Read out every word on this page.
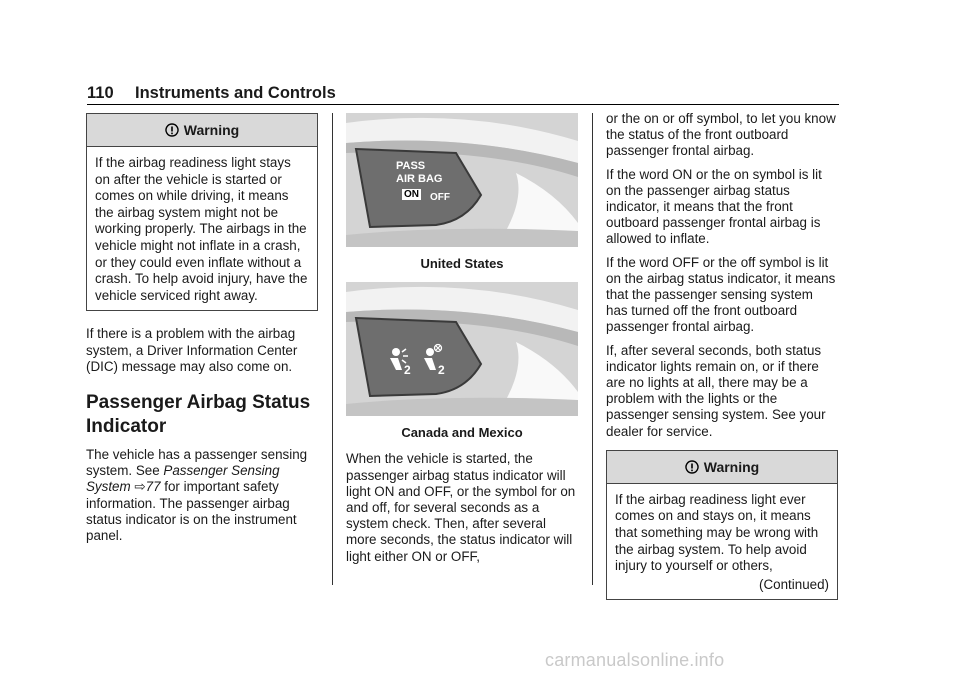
110 Instruments and Controls
Warning
If the airbag readiness light stays on after the vehicle is started or comes on while driving, it means the airbag system might not be working properly. The airbags in the vehicle might not inflate in a crash, or they could even inflate without a crash. To help avoid injury, have the vehicle serviced right away.

If there is a problem with the airbag system, a Driver Information Center (DIC) message may also come on.

Passenger Airbag Status Indicator

The vehicle has a passenger sensing system. See Passenger Sensing System ⇨77 for important safety information. The passenger airbag status indicator is on the instrument panel.

PASS
AIR BAG
ON OFF
United States
2 2
Canada and Mexico

When the vehicle is started, the passenger airbag status indicator will light ON and OFF, or the symbol for on and off, for several seconds as a system check. Then, after several more seconds, the status indicator will light either ON or OFF,

or the on or off symbol, to let you know the status of the front outboard passenger frontal airbag.

If the word ON or the on symbol is lit on the passenger airbag status indicator, it means that the front outboard passenger frontal airbag is allowed to inflate.

If the word OFF or the off symbol is lit on the airbag status indicator, it means that the passenger sensing system has turned off the front outboard passenger frontal airbag.

If, after several seconds, both status indicator lights remain on, or if there are no lights at all, there may be a problem with the lights or the passenger sensing system. See your dealer for service.

Warning
If the airbag readiness light ever comes on and stays on, it means that something may be wrong with the airbag system. To help avoid injury to yourself or others,
(Continued)
carmanualsonline.info
